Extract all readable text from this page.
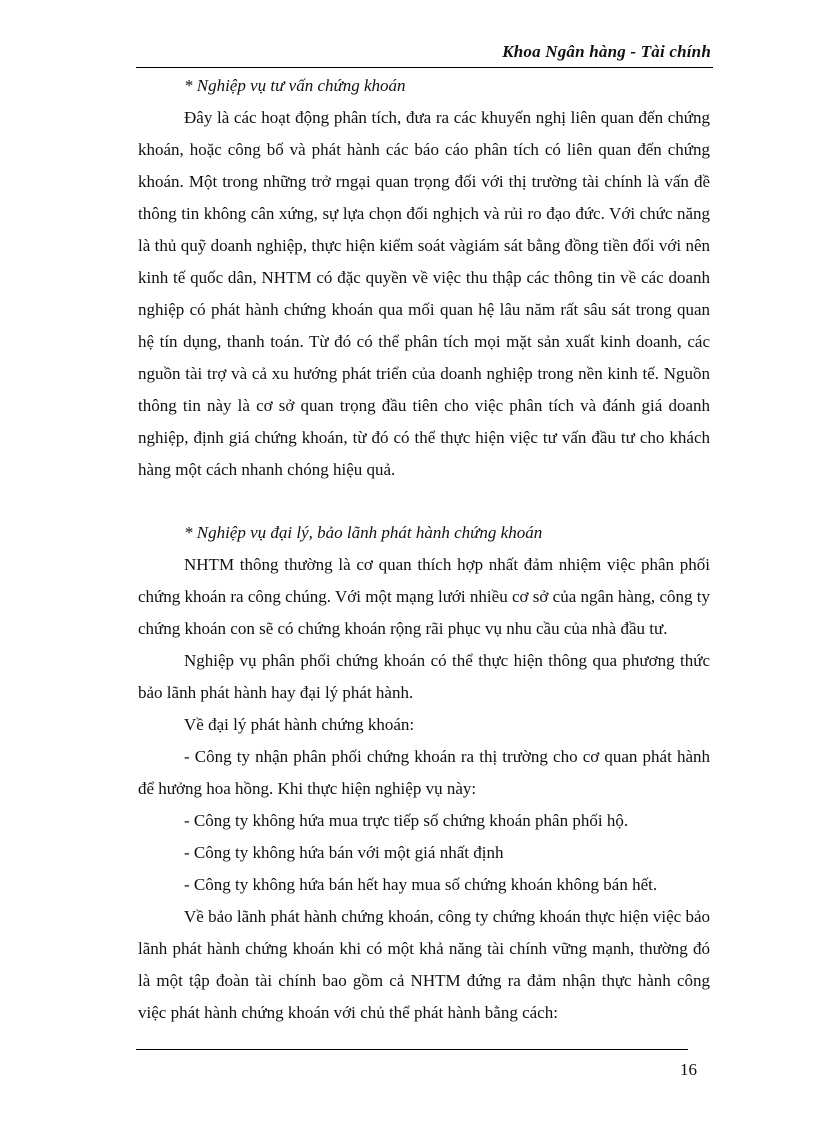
Khoa Ngân hàng - Tài chính

* Nghiệp vụ tư vấn chứng khoán

Đây là các hoạt động phân tích, đưa ra các khuyến nghị liên quan đến chứng khoán, hoặc công bố và phát hành các báo cáo phân tích có liên quan đến chứng khoán. Một trong những trở rngại quan trọng đối với thị trường tài chính là vấn đề thông tin không cân xứng, sự lựa chọn đối nghịch và rủi ro đạo đức. Với chức năng là thủ quỹ doanh nghiệp, thực hiện kiểm soát vàgiám sát bằng đồng tiền đối với nên kinh tế quốc dân, NHTM có đặc quyền về việc thu thập các thông tin về các doanh nghiệp có phát hành chứng khoán qua mối quan hệ lâu năm rất sâu sát trong quan hệ tín dụng, thanh toán. Từ đó có thể phân tích mọi mặt sản xuất kinh doanh, các nguồn tài trợ và cả xu hướng phát triển của doanh nghiệp trong nền kinh tế. Nguồn thông tin này là cơ sở quan trọng đầu tiên cho việc phân tích và đánh giá doanh nghiệp, định giá chứng khoán, từ đó có thể thực hiện việc tư vấn đầu tư cho khách hàng một cách nhanh chóng hiệu quả.

* Nghiệp vụ đại lý, bảo lãnh phát hành chứng khoán

NHTM thông thường là cơ quan thích hợp nhất đảm nhiệm việc phân phối chứng khoán ra công chúng. Với một mạng lưới nhiều cơ sở của ngân hàng, công ty chứng khoán con sẽ có chứng khoán rộng rãi phục vụ nhu cầu của nhà đầu tư.

Nghiệp vụ phân phối chứng khoán có thể thực hiện thông qua phương thức bảo lãnh phát hành hay đại lý phát hành.

Về đại lý phát hành chứng khoán:

- Công ty nhận phân phối chứng khoán ra thị trường cho cơ quan phát hành để hưởng hoa hồng. Khi thực hiện nghiệp vụ này:

- Công ty không hứa mua trực tiếp số chứng khoán phân phối hộ.

- Công ty không hứa bán với một giá nhất định

- Công ty không hứa bán hết hay mua số chứng khoán không bán hết.

Về bảo lãnh phát hành chứng khoán, công ty chứng khoán thực hiện việc bảo lãnh phát hành chứng khoán khi có một khả năng tài chính vững mạnh, thường đó là một tập đoàn tài chính bao gồm cả NHTM đứng ra đảm nhận thực hành công việc phát hành chứng khoán với chủ thể phát hành bằng cách:

16
